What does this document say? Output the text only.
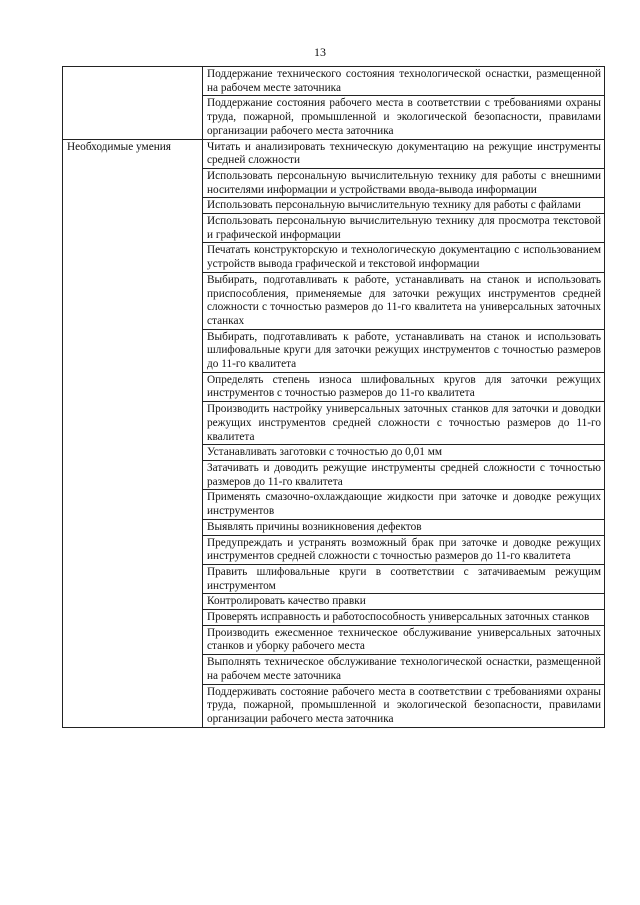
13
	Поддержание технического состояния технологической оснастки, размещенной на рабочем месте заточника
	Поддержание состояния рабочего места в соответствии с требованиями охраны труда, пожарной, промышленной и экологической безопасности, правилами организации рабочего места заточника
Необходимые умения	Читать и анализировать техническую документацию на режущие инструменты средней сложности
	Использовать персональную вычислительную технику для работы с внешними носителями информации и устройствами ввода-вывода информации
	Использовать персональную вычислительную технику для работы с файлами
	Использовать персональную вычислительную технику для просмотра текстовой и графической информации
	Печатать конструкторскую и технологическую документацию с использованием устройств вывода графической и текстовой информации
	Выбирать, подготавливать к работе, устанавливать на станок и использовать приспособления, применяемые для заточки режущих инструментов средней сложности с точностью размеров до 11-го квалитета на универсальных заточных станках
	Выбирать, подготавливать к работе, устанавливать на станок и использовать шлифовальные круги для заточки режущих инструментов с точностью размеров до 11-го квалитета
	Определять степень износа шлифовальных кругов для заточки режущих инструментов с точностью размеров до 11-го квалитета
	Производить настройку универсальных заточных станков для заточки и доводки режущих инструментов средней сложности с точностью размеров до 11-го квалитета
	Устанавливать заготовки с точностью до 0,01 мм
	Затачивать и доводить режущие инструменты средней сложности с точностью размеров до 11-го квалитета
	Применять смазочно-охлаждающие жидкости при заточке и доводке режущих инструментов
	Выявлять причины возникновения дефектов
	Предупреждать и устранять возможный брак при заточке и доводке режущих инструментов средней сложности с точностью размеров до 11-го квалитета
	Править шлифовальные круги в соответствии с затачиваемым режущим инструментом
	Контролировать качество правки
	Проверять исправность и работоспособность универсальных заточных станков
	Производить ежесменное техническое обслуживание универсальных заточных станков и уборку рабочего места
	Выполнять техническое обслуживание технологической оснастки, размещенной на рабочем месте заточника
	Поддерживать состояние рабочего места в соответствии с требованиями охраны труда, пожарной, промышленной и экологической безопасности, правилами организации рабочего места заточника
